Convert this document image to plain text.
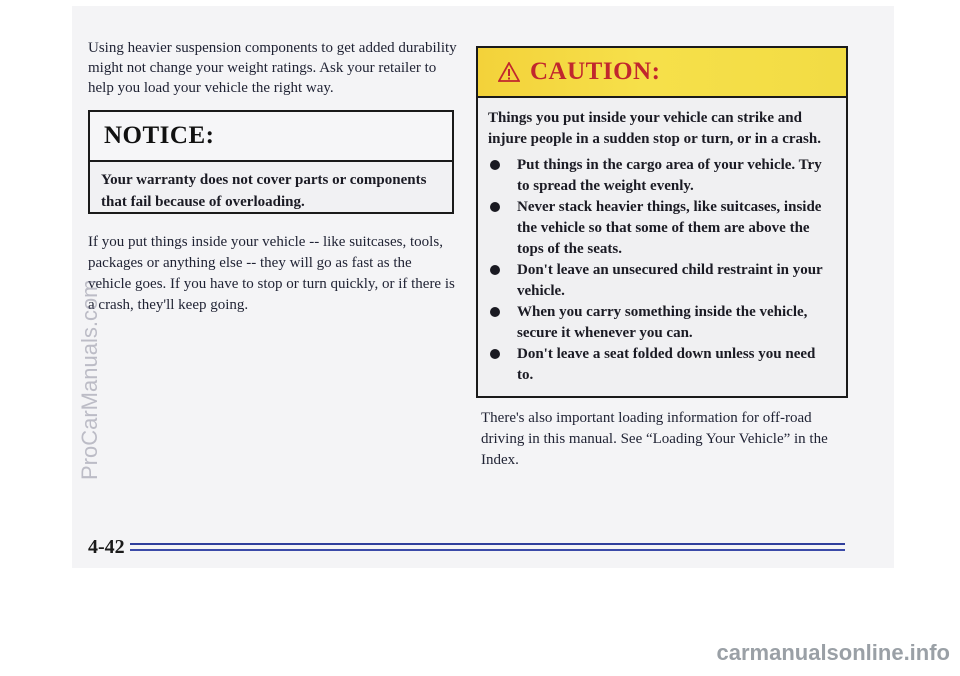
Using heavier suspension components to get added durability might not change your weight ratings. Ask your retailer to help you load your vehicle the right way.

NOTICE:
Your warranty does not cover parts or components that fail because of overloading.

If you put things inside your vehicle -- like suitcases, tools, packages or anything else -- they will go as fast as the vehicle goes. If you have to stop or turn quickly, or if there is a crash, they'll keep going.

CAUTION:

Things you put inside your vehicle can strike and injure people in a sudden stop or turn, or in a crash.

Put things in the cargo area of your vehicle. Try to spread the weight evenly.
Never stack heavier things, like suitcases, inside the vehicle so that some of them are above the tops of the seats.
Don't leave an unsecured child restraint in your vehicle.
When you carry something inside the vehicle, secure it whenever you can.
Don't leave a seat folded down unless you need to.

There's also important loading information for off-road driving in this manual. See “Loading Your Vehicle” in the Index.

4-42
ProCarManuals.com
carmanualsonline.info
